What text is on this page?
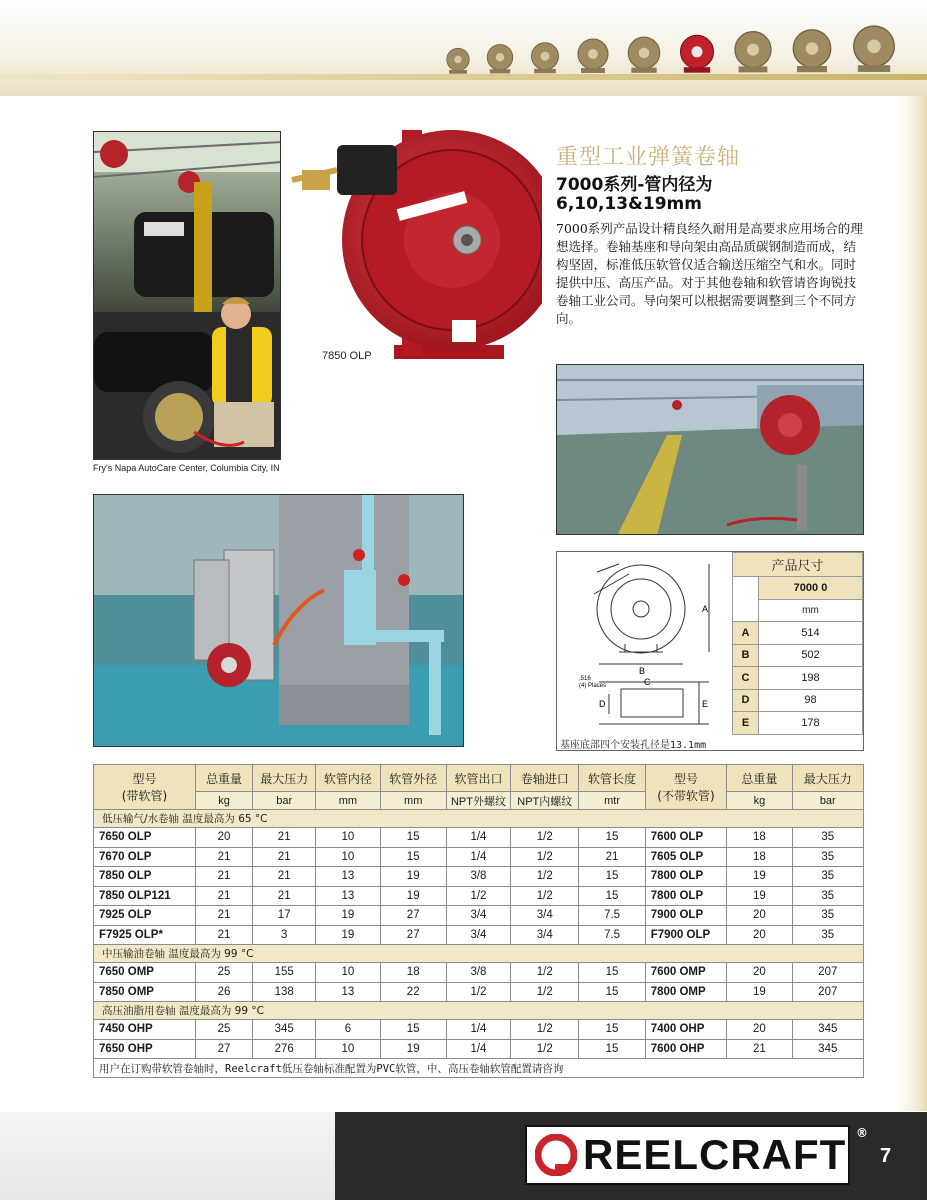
Fry's Napa AutoCare Center, Columbia City, IN
7850 OLP
重型工业弹簧卷轴
7000系列-管内径为
6,10,13&19mm
7000系列产品设计精良经久耐用是高要求应用场合的理想选择。卷轴基座和导向架由高品质碳钢制造而成，结构坚固，标准低压软管仅适合输送压缩空气和水。同时提供中压、高压产品。对于其他卷轴和软管请咨询锐技卷轴工业公司。导向架可以根据需要调整到三个不同方向。
A
B
C
D	E
.516
(4) Places
产品尺寸	
	7000 0
	mm
A	514
B	502
C	198
D	98
E	178
基座底部四个安装孔径是13.1mm
型号
(带软管)	总重量	最大压力	软管内径	软管外径	软管出口	卷轴进口	软管长度	型号
(不带软管)	总重量	最大压力
	kg	bar	mm	mm	NPT外螺纹	NPT内螺纹	mtr		kg	bar
低压输气/水卷轴 温度最高为 65 °C										
7650 OLP	20	21	10	15	1/4	1/2	15	7600 OLP	18	35
7670 OLP	21	21	10	15	1/4	1/2	21	7605 OLP	18	35
7850 OLP	21	21	13	19	3/8	1/2	15	7800 OLP	19	35
7850 OLP121	21	21	13	19	1/2	1/2	15	7800 OLP	19	35
7925 OLP	21	17	19	27	3/4	3/4	7.5	7900 OLP	20	35
F7925 OLP*	21	3	19	27	3/4	3/4	7.5	F7900 OLP	20	35
中压输油卷轴 温度最高为 99 °C										
7650 OMP	25	155	10	18	3/8	1/2	15	7600 OMP	20	207
7850 OMP	26	138	13	22	1/2	1/2	15	7800 OMP	19	207
高压油脂用卷轴 温度最高为 99 °C										
7450 OHP	25	345	6	15	1/4	1/2	15	7400 OHP	20	345
7650 OHP	27	276	10	19	1/4	1/2	15	7600 OHP	21	345
用户在订购带软管卷轴时，Reelcraft低压卷轴标准配置为PVC软管，中、高压卷轴软管配置请咨询										
REELCRAFT ®
7
